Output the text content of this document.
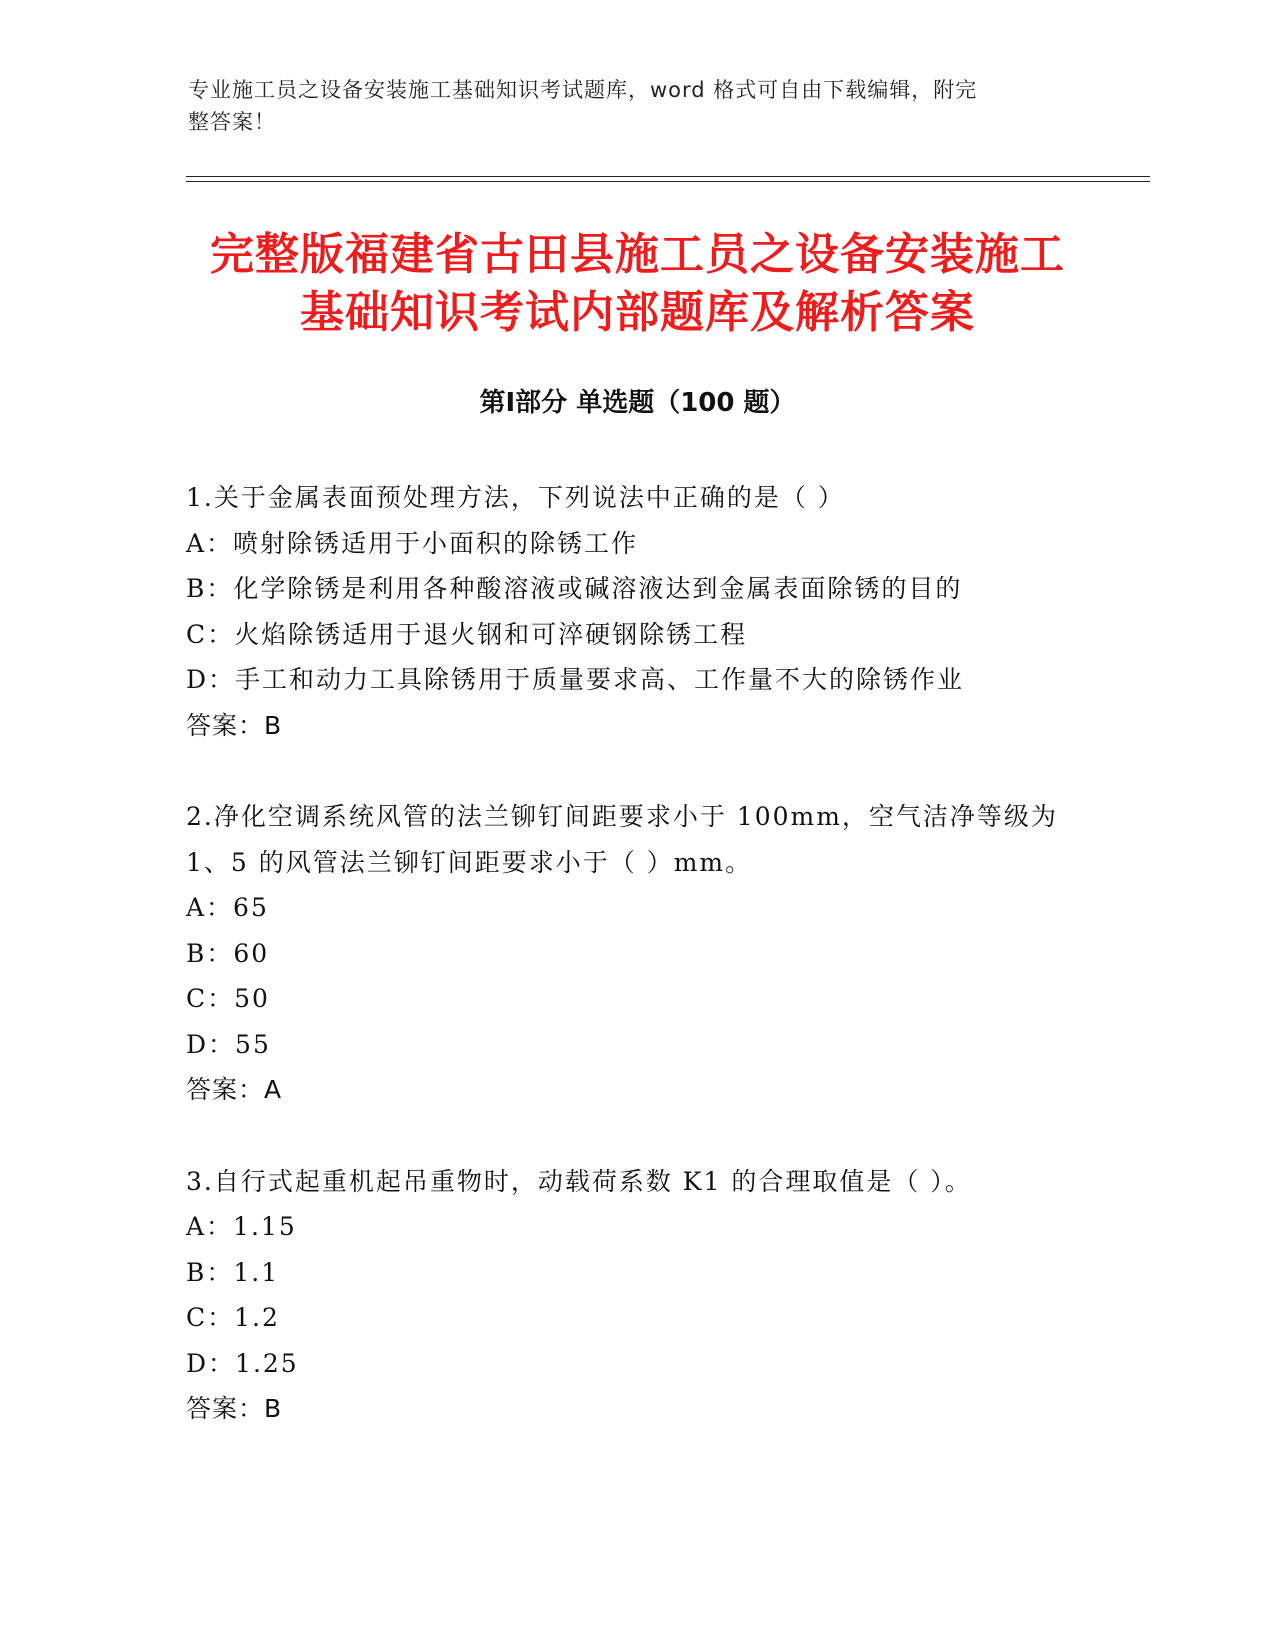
专业施工员之设备安装施工基础知识考试题库，word 格式可自由下载编辑，附完
整答案！
完整版福建省古田县施工员之设备安装施工
基础知识考试内部题库及解析答案
第Ⅰ部分 单选题（100 题）
1.关于金属表面预处理方法，下列说法中正确的是（ ）
A：喷射除锈适用于小面积的除锈工作
B：化学除锈是利用各种酸溶液或碱溶液达到金属表面除锈的目的
C：火焰除锈适用于退火钢和可淬硬钢除锈工程
D：手工和动力工具除锈用于质量要求高、工作量不大的除锈作业
答案：B
2.净化空调系统风管的法兰铆钉间距要求小于 100mm，空气洁净等级为
1、5 的风管法兰铆钉间距要求小于（ ）mm。
A：65
B：60
C：50
D：55
答案：A
3.自行式起重机起吊重物时，动载荷系数 K1 的合理取值是（ ）。
A：1.15
B：1.1
C：1.2
D：1.25
答案：B
